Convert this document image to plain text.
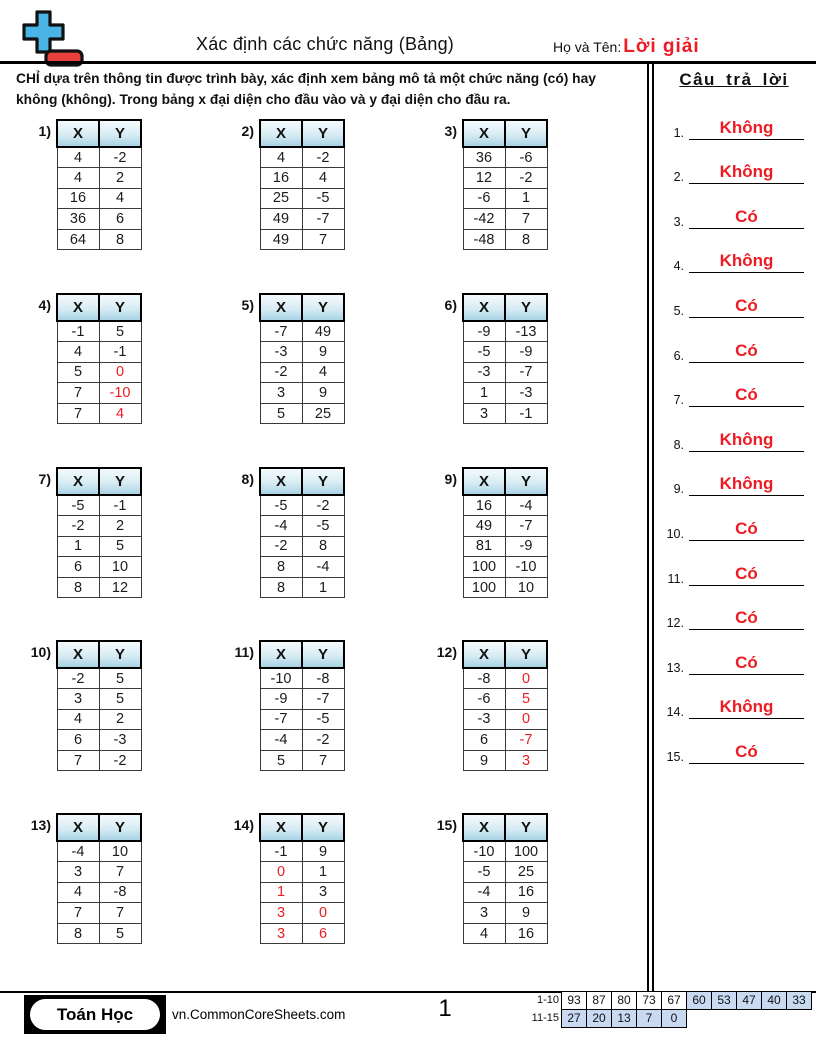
Xác định các chức năng (Bảng)	Họ và Tên: Lời giải
CHỈ dựa trên thông tin được trình bày, xác định xem bảng mô tả một chức năng (có) hay không (không). Trong bảng x đại diện cho đầu vào và y đại diện cho đầu ra.
Câu trả lời
1.	Không
2.	Không
3.	Có
4.	Không
5.	Có
6.	Có
7.	Có
8.	Không
9.	Không
10.	Có
11.	Có
12.	Có
13.	Có
14.	Không
15.	Có
1) X	Y
4	-2
4	2
16	4
36	6
64	8
2) X	Y
4	-2
16	4
25	-5
49	-7
49	7
3) X	Y
36	-6
12	-2
-6	1
-42	7
-48	8
4) X	Y
-1	5
4	-1
5	0
7	-10
7	4
5) X	Y
-7	49
-3	9
-2	4
3	9
5	25
6) X	Y
-9	-13
-5	-9
-3	-7
1	-3
3	-1
7) X	Y
-5	-1
-2	2
1	5
6	10
8	12
8) X	Y
-5	-2
-4	-5
-2	8
8	-4
8	1
9) X	Y
16	-4
49	-7
81	-9
100	-10
100	10
10) X	Y
-2	5
3	5
4	2
6	-3
7	-2
11) X	Y
-10	-8
-9	-7
-7	-5
-4	-2
5	7
12) X	Y
-8	0
-6	5
-3	0
6	-7
9	3
13) X	Y
-4	10
3	7
4	-8
7	7
8	5
14) X	Y
-1	9
0	1
1	3
3	0
3	6
15) X	Y
-10	100
-5	25
-4	16
3	9
4	16
Toán Học	vn.CommonCoreSheets.com	1	1-10 93 87 80 73 67 60 53 47 40 33
11-15 27 20 13	7	0
